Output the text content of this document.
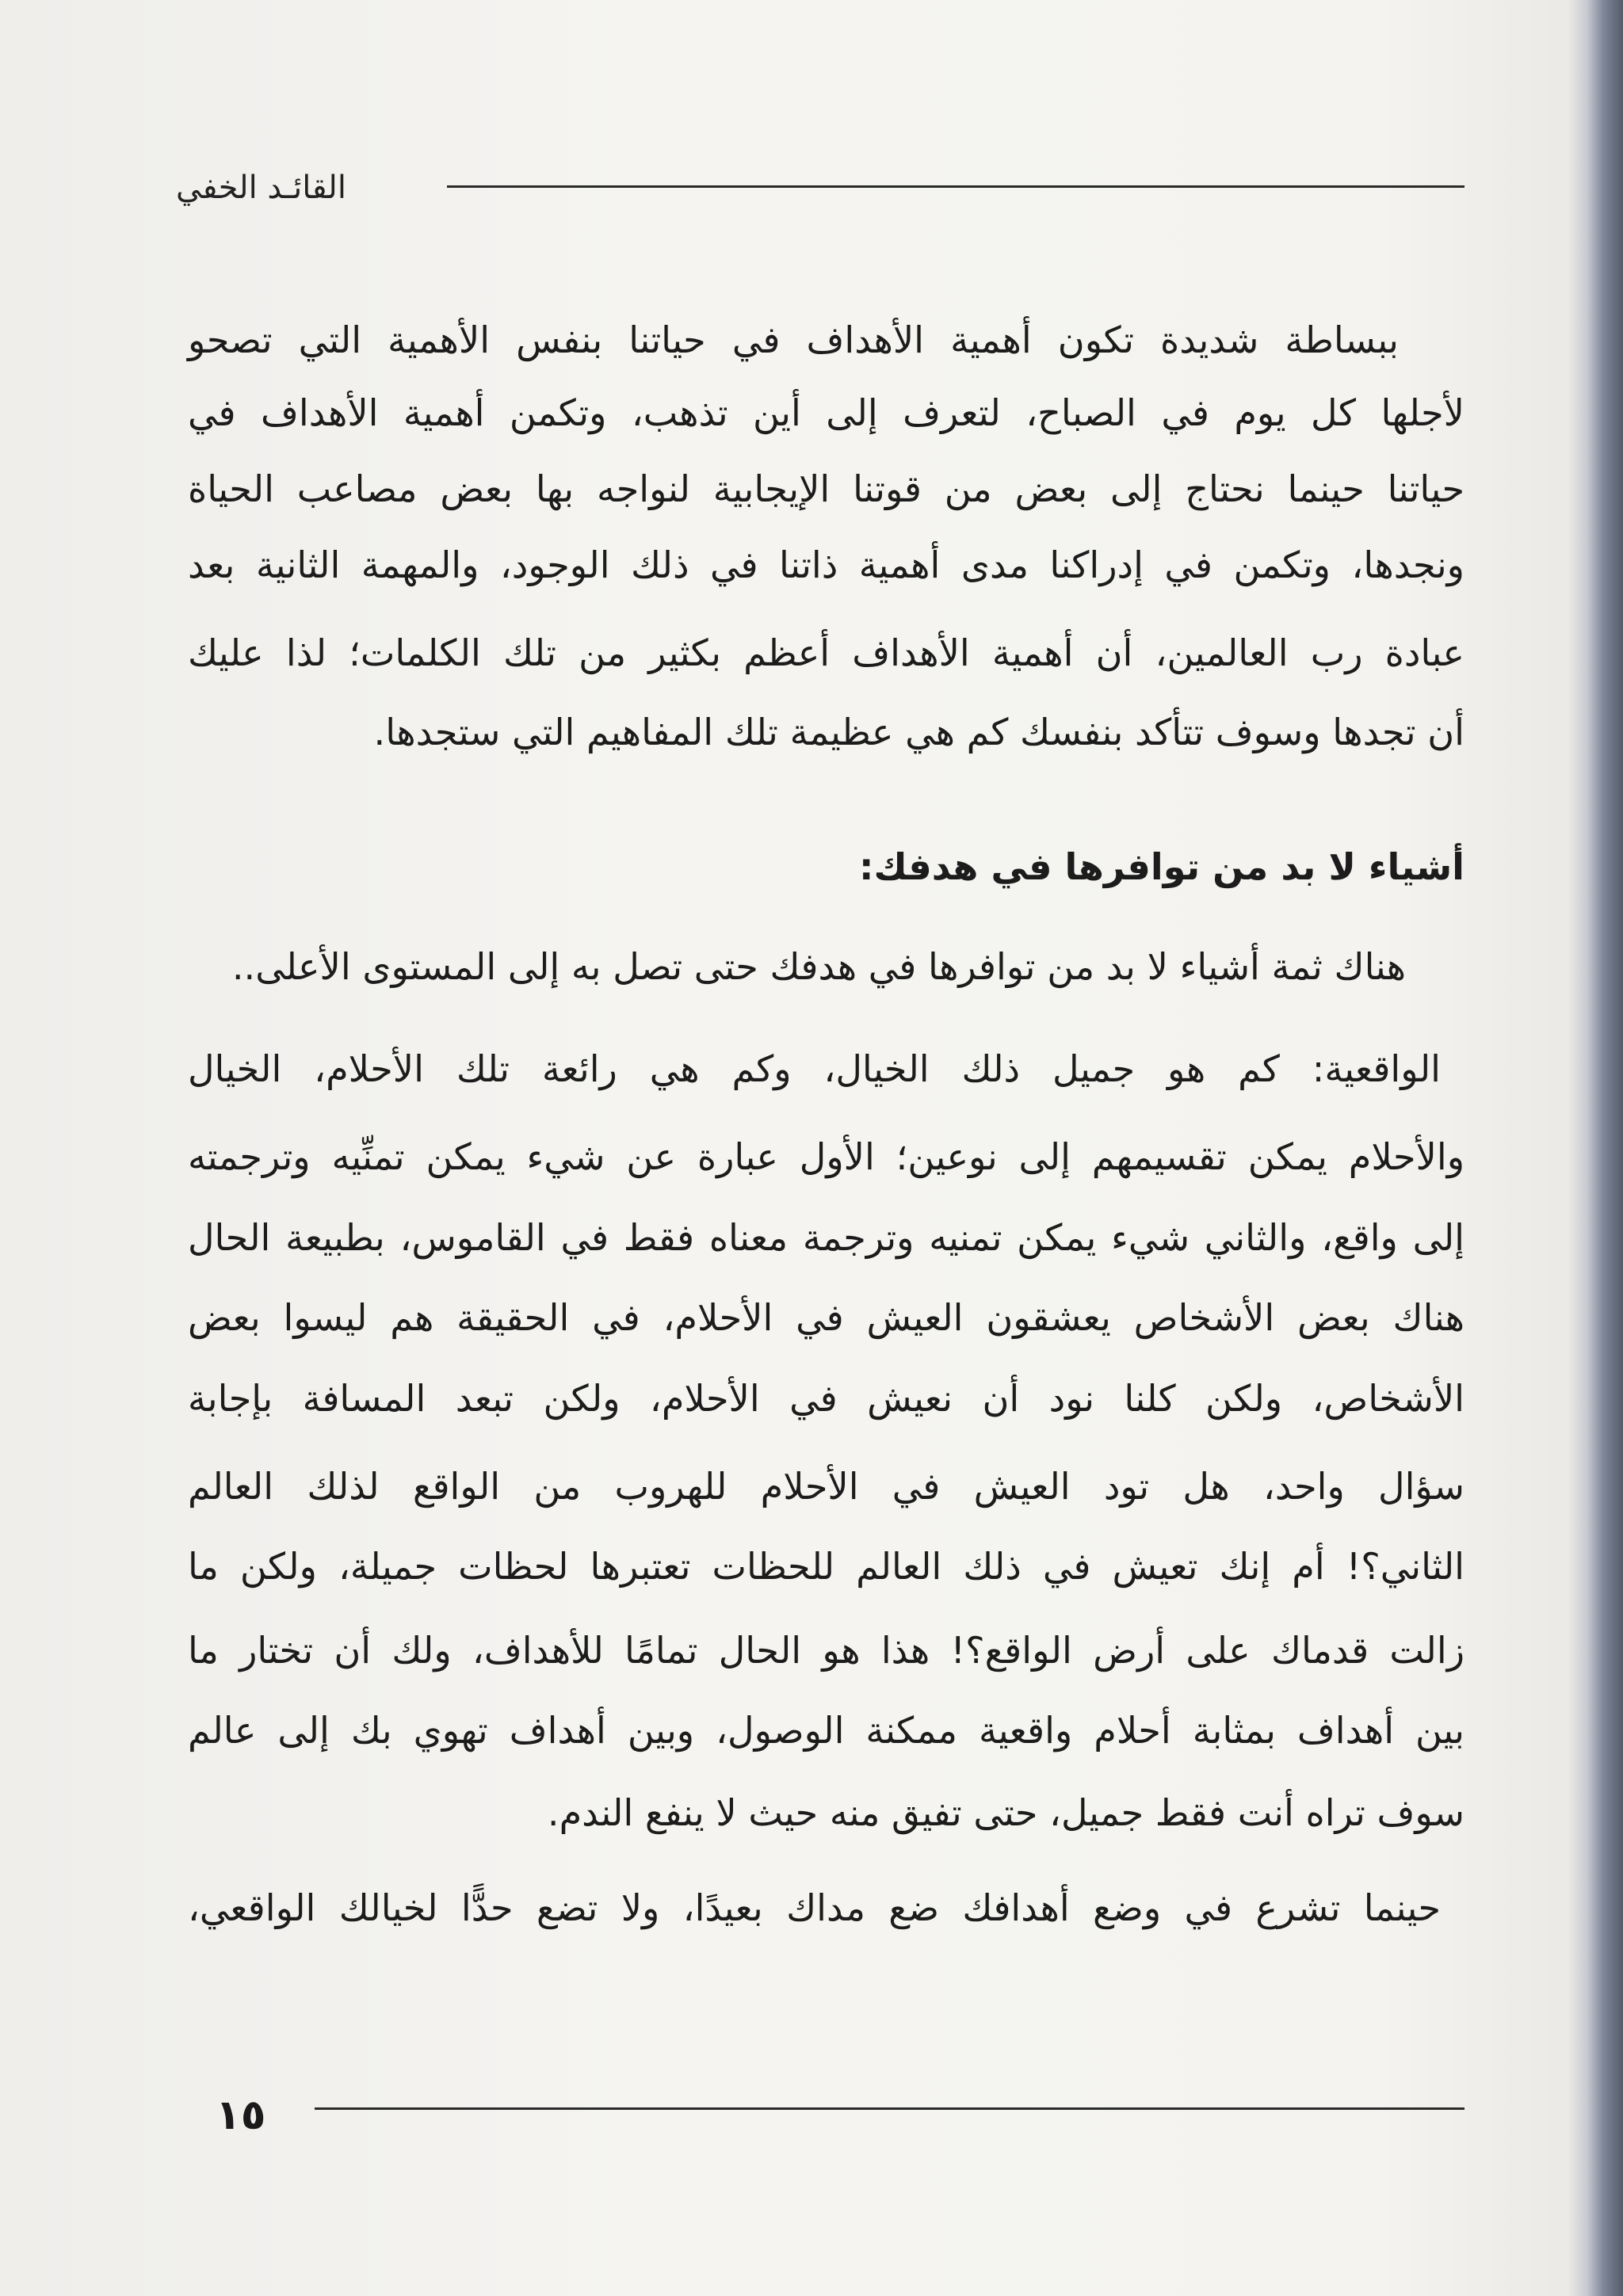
القائـد الخفي
ببساطة شديدة تكون أهمية الأهداف في حياتنا بنفس الأهمية التي تصحو
لأجلها كل يوم في الصباح، لتعرف إلى أين تذهب، وتكمن أهمية الأهداف في
حياتنا حينما نحتاج إلى بعض من قوتنا الإيجابية لنواجه بها بعض مصاعب الحياة
ونجدها، وتكمن في إدراكنا مدى أهمية ذاتنا في ذلك الوجود، والمهمة الثانية بعد
عبادة رب العالمين، أن أهمية الأهداف أعظم بكثير من تلك الكلمات؛ لذا عليك
أن تجدها وسوف تتأكد بنفسك كم هي عظيمة تلك المفاهيم التي ستجدها.
أشياء لا بد من توافرها في هدفك:
هناك ثمة أشياء لا بد من توافرها في هدفك حتى تصل به إلى المستوى الأعلى..
الواقعية: كم هو جميل ذلك الخيال، وكم هي رائعة تلك الأحلام، الخيال
والأحلام يمكن تقسيمهم إلى نوعين؛ الأول عبارة عن شيء يمكن تمنِّيه وترجمته
إلى واقع، والثاني شيء يمكن تمنيه وترجمة معناه فقط في القاموس، بطبيعة الحال
هناك بعض الأشخاص يعشقون العيش في الأحلام، في الحقيقة هم ليسوا بعض
الأشخاص، ولكن كلنا نود أن نعيش في الأحلام، ولكن تبعد المسافة بإجابة
سؤال واحد، هل تود العيش في الأحلام للهروب من الواقع لذلك العالم
الثاني؟! أم إنك تعيش في ذلك العالم للحظات تعتبرها لحظات جميلة، ولكن ما
زالت قدماك على أرض الواقع؟! هذا هو الحال تمامًا للأهداف، ولك أن تختار ما
بين أهداف بمثابة أحلام واقعية ممكنة الوصول، وبين أهداف تهوي بك إلى عالم
سوف تراه أنت فقط جميل، حتى تفيق منه حيث لا ينفع الندم.
حينما تشرع في وضع أهدافك ضع مداك بعيدًا، ولا تضع حدًّا لخيالك الواقعي،
١٥
